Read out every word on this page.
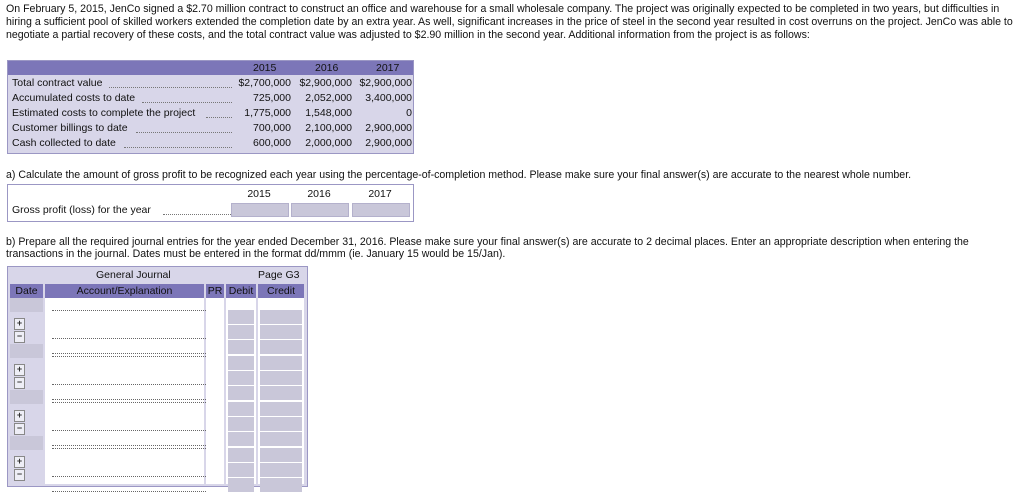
On February 5, 2015, JenCo signed a $2.70 million contract to construct an office and warehouse for a small wholesale company. The project was originally expected to be completed in two years, but difficulties in hiring a sufficient pool of skilled workers extended the completion date by an extra year. As well, significant increases in the price of steel in the second year resulted in cost overruns on the project. JenCo was able to negotiate a partial recovery of these costs, and the total contract value was adjusted to $2.90 million in the second year. Additional information from the project is as follows:
2015	2016	2017
Total contract value	$2,700,000 $2,900,000 $2,900,000
Accumulated costs to date	725,000	2,052,000	3,400,000
Estimated costs to complete the project	1,775,000	1,548,000	0
Customer billings to date	700,000	2,100,000	2,900,000
Cash collected to date	600,000	2,000,000	2,900,000
a) Calculate the amount of gross profit to be recognized each year using the percentage-of-completion method. Please make sure your final answer(s) are accurate to the nearest whole number.
2015	2016	2017
Gross profit (loss) for the year
b) Prepare all the required journal entries for the year ended December 31, 2016. Please make sure your final answer(s) are accurate to 2 decimal places. Enter an appropriate description when entering the transactions in the journal. Dates must be entered in the format dd/mmm (ie. January 15 would be 15/Jan).
General Journal	Page G3
Date	Account/Explanation	PR Debit	Credit
+−
+−
+−
+−
